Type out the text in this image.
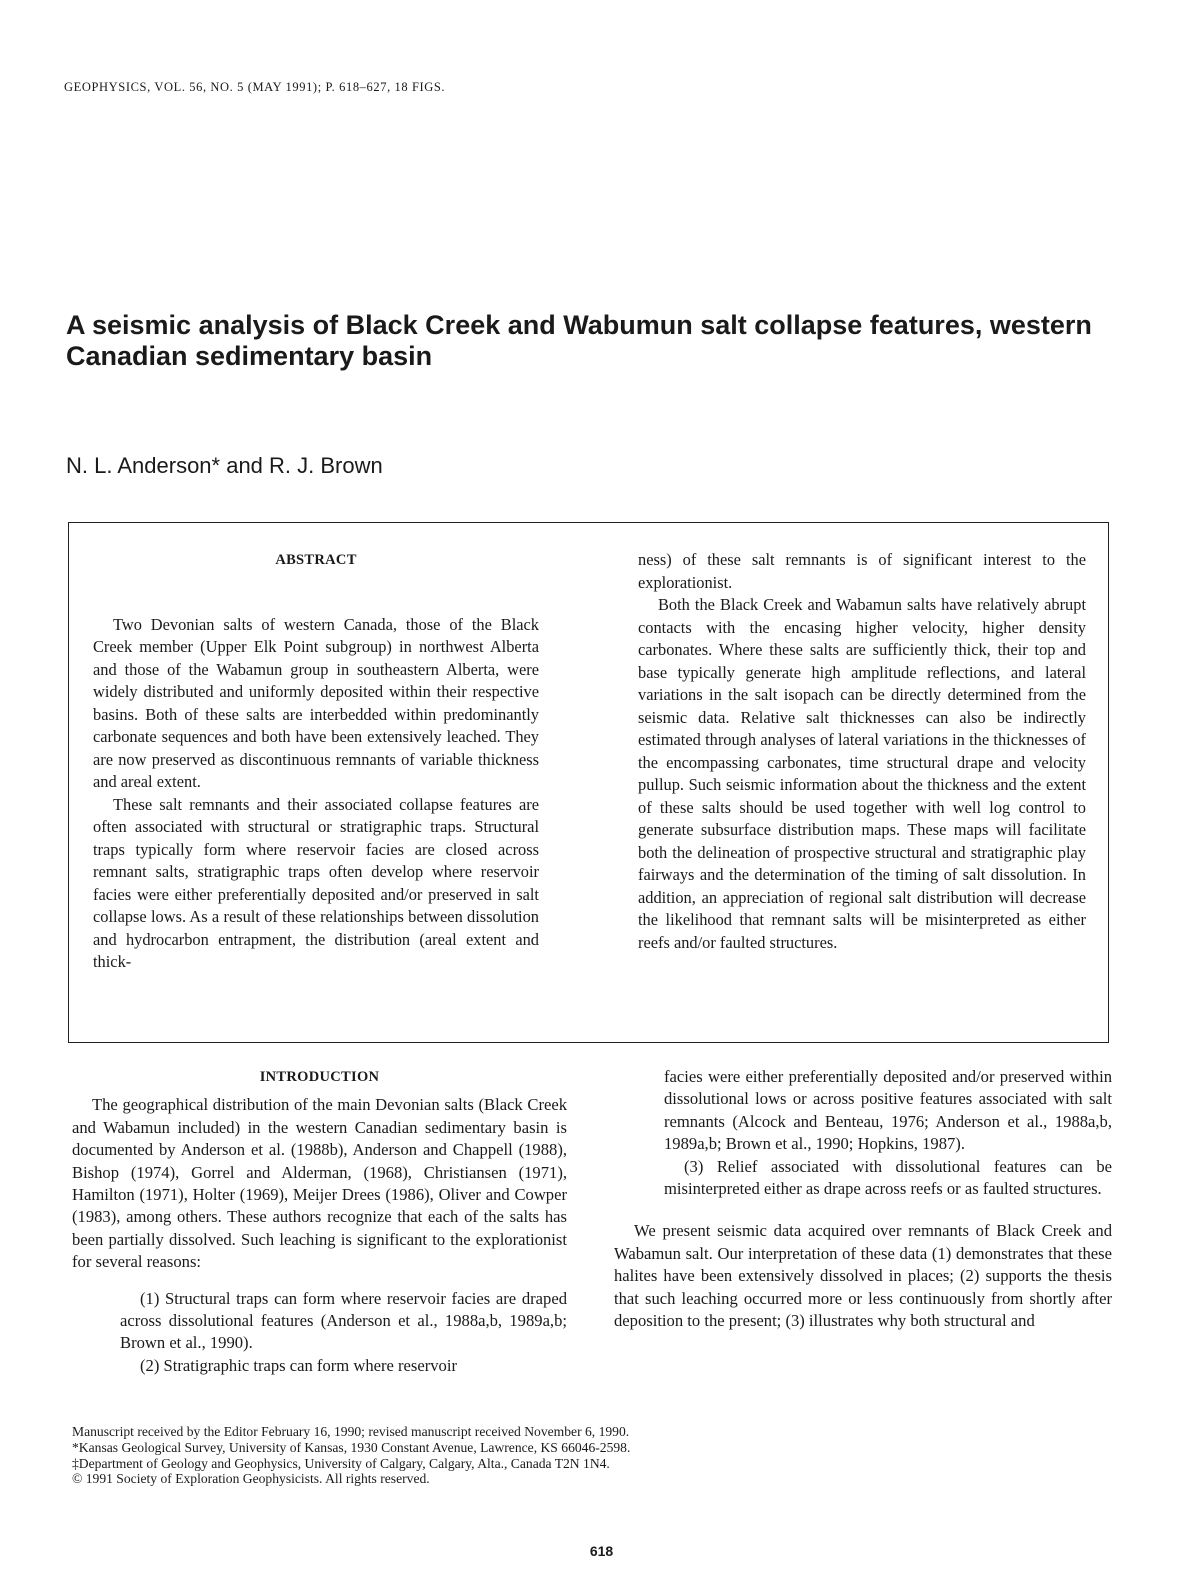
GEOPHYSICS, VOL. 56, NO. 5 (MAY 1991); P. 618–627, 18 FIGS.
A seismic analysis of Black Creek and Wabumun salt collapse features, western Canadian sedimentary basin
N. L. Anderson* and R. J. Brown
ABSTRACT

Two Devonian salts of western Canada, those of the Black Creek member (Upper Elk Point subgroup) in northwest Alberta and those of the Wabamun group in southeastern Alberta, were widely distributed and uniformly deposited within their respective basins. Both of these salts are interbedded within predominantly carbonate sequences and both have been extensively leached. They are now preserved as discontinuous remnants of variable thickness and areal extent.

These salt remnants and their associated collapse features are often associated with structural or stratigraphic traps. Structural traps typically form where reservoir facies are closed across remnant salts, stratigraphic traps often develop where reservoir facies were either preferentially deposited and/or preserved in salt collapse lows. As a result of these relationships between dissolution and hydrocarbon entrapment, the distribution (areal extent and thick-

ness) of these salt remnants is of significant interest to the explorationist.

Both the Black Creek and Wabamun salts have relatively abrupt contacts with the encasing higher velocity, higher density carbonates. Where these salts are sufficiently thick, their top and base typically generate high amplitude reflections, and lateral variations in the salt isopach can be directly determined from the seismic data. Relative salt thicknesses can also be indirectly estimated through analyses of lateral variations in the thicknesses of the encompassing carbonates, time structural drape and velocity pullup. Such seismic information about the thickness and the extent of these salts should be used together with well log control to generate subsurface distribution maps. These maps will facilitate both the delineation of prospective structural and stratigraphic play fairways and the determination of the timing of salt dissolution. In addition, an appreciation of regional salt distribution will decrease the likelihood that remnant salts will be misinterpreted as either reefs and/or faulted structures.

INTRODUCTION

The geographical distribution of the main Devonian salts (Black Creek and Wabamun included) in the western Canadian sedimentary basin is documented by Anderson et al. (1988b), Anderson and Chappell (1988), Bishop (1974), Gorrel and Alderman, (1968), Christiansen (1971), Hamilton (1971), Holter (1969), Meijer Drees (1986), Oliver and Cowper (1983), among others. These authors recognize that each of the salts has been partially dissolved. Such leaching is significant to the explorationist for several reasons:

(1) Structural traps can form where reservoir facies are draped across dissolutional features (Anderson et al., 1988a,b, 1989a,b; Brown et al., 1990).

(2) Stratigraphic traps can form where reservoir

facies were either preferentially deposited and/or preserved within dissolutional lows or across positive features associated with salt remnants (Alcock and Benteau, 1976; Anderson et al., 1988a,b, 1989a,b; Brown et al., 1990; Hopkins, 1987).

(3) Relief associated with dissolutional features can be misinterpreted either as drape across reefs or as faulted structures.

We present seismic data acquired over remnants of Black Creek and Wabamun salt. Our interpretation of these data (1) demonstrates that these halites have been extensively dissolved in places; (2) supports the thesis that such leaching occurred more or less continuously from shortly after deposition to the present; (3) illustrates why both structural and

Manuscript received by the Editor February 16, 1990; revised manuscript received November 6, 1990.
*Kansas Geological Survey, University of Kansas, 1930 Constant Avenue, Lawrence, KS 66046-2598.
‡Department of Geology and Geophysics, University of Calgary, Calgary, Alta., Canada T2N 1N4.
© 1991 Society of Exploration Geophysicists. All rights reserved.
618
